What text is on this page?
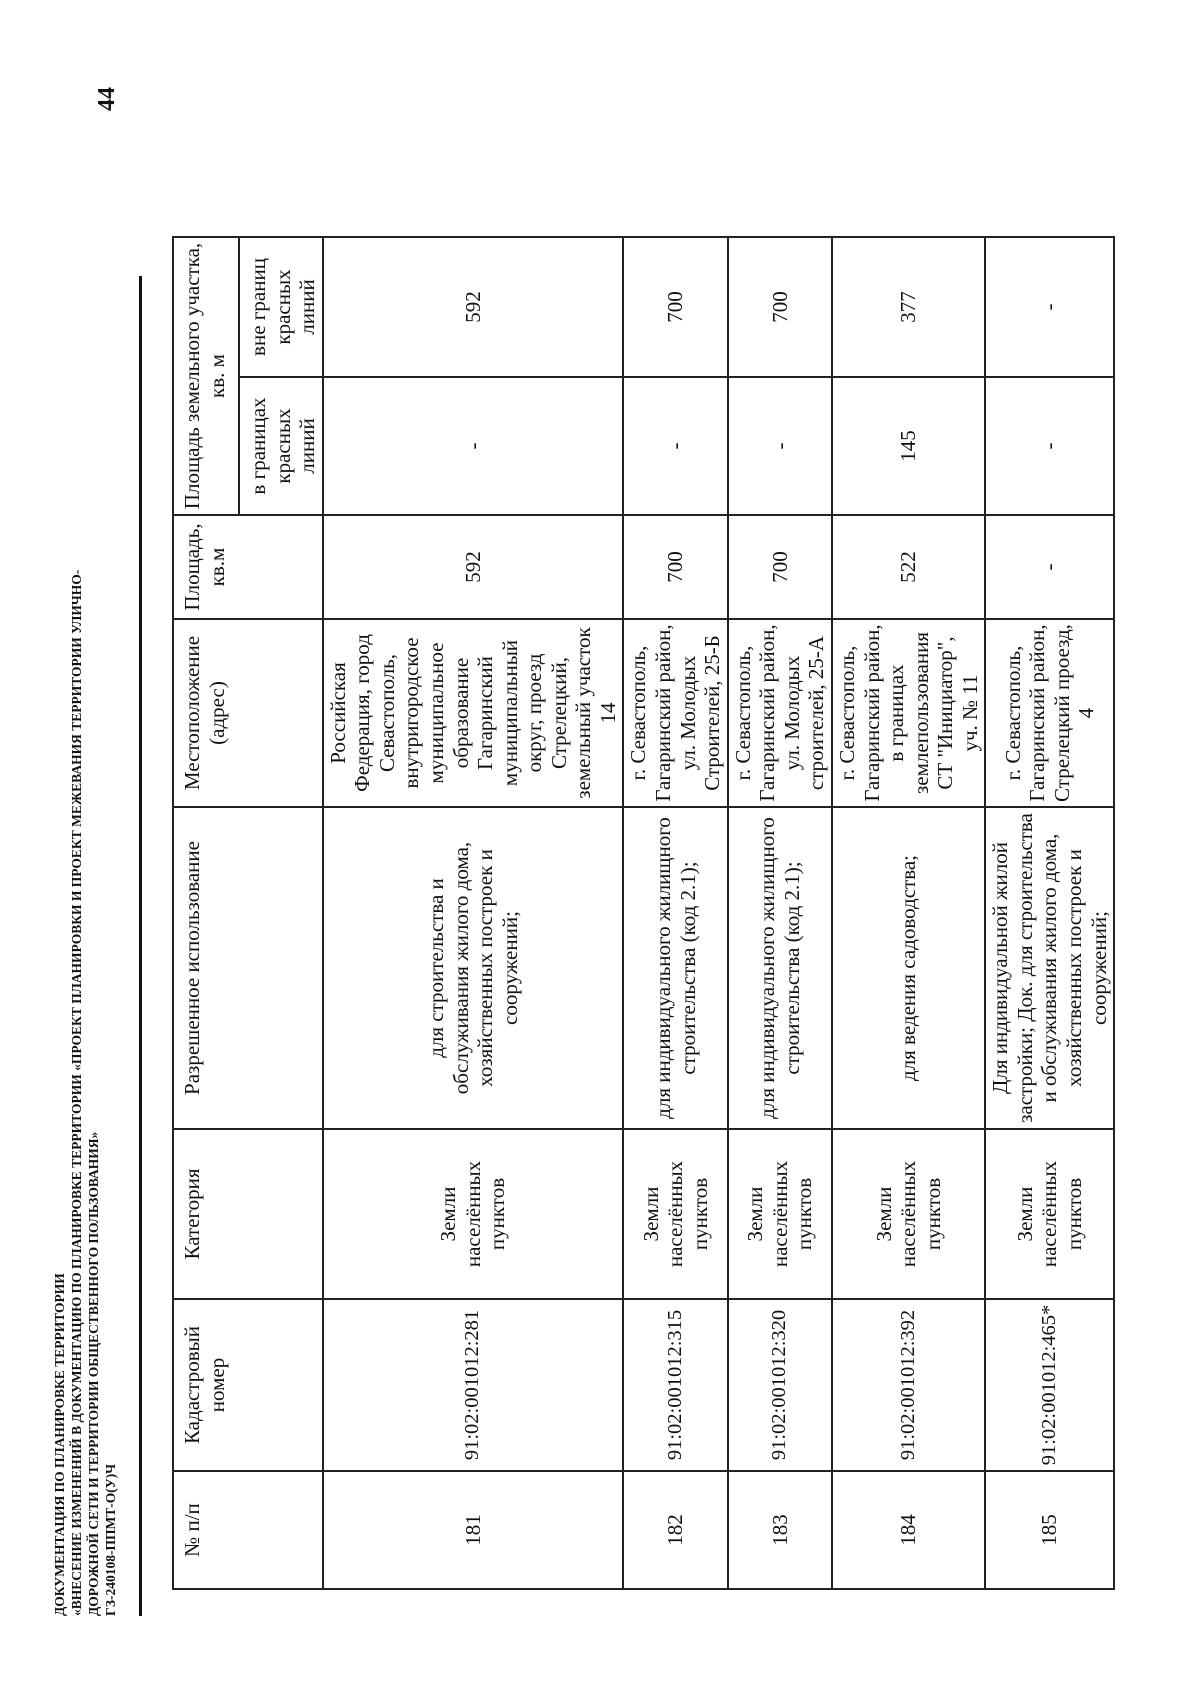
44
ДОКУМЕНТАЦИЯ ПО ПЛАНИРОВКЕ ТЕРРИТОРИИ «ВНЕСЕНИЕ ИЗМЕНЕНИЙ В ДОКУМЕНТАЦИЮ ПО ПЛАНИРОВКЕ ТЕРРИТОРИИ «ПРОЕКТ ПЛАНИРОВКИ И ПРОЕКТ МЕЖЕВАНИЯ ТЕРРИТОРИИ УЛИЧНО- ДОРОЖНОЙ СЕТИ И ТЕРРИТОРИИ ОБЩЕСТВЕННОГО ПОЛЬЗОВАНИЯ» ГЗ-240108-ППМТ-О(У)Ч	№ п/п	Кадастровый номер	Категория	Разрешенное использование	Местоположение (адрес)	Площадь, кв.м	Площадь земельного участка, кв. м	
						в границах красных линий	вне границ красных линий
181	91:02:001012:281	Земли населённых пунктов	для строительства и обслуживания жилого дома, хозяйственных построек и сооружений;	Российская Федерация, город Севастополь, внутригородское муниципальное образование Гагаринский муниципальный округ, проезд Стрелецкий, земельный участок 14	592	-	592
182	91:02:001012:315	Земли населённых пунктов	для индивидуального жилищного строительства (код 2.1);	г. Севастополь, Гагаринский район, ул. Молодых Строителей, 25-Б	700	-	700
183	91:02:001012:320	Земли населённых пунктов	для индивидуального жилищного строительства (код 2.1);	г. Севастополь, Гагаринский район, ул. Молодых строителей, 25-А	700	-	700
184	91:02:001012:392	Земли населённых пунктов	для ведения садоводства;	г. Севастополь, Гагаринский район, в границах землепользования СТ "Инициатор", уч. № 11	522	145	377
185	91:02:001012:465*	Земли населённых пунктов	Для индивидуальной жилой застройки; Док. для строительства и обслуживания жилого дома, хозяйственных построек и сооружений;	г. Севастополь, Гагаринский район, Стрелецкий проезд, 4	-	-	-
